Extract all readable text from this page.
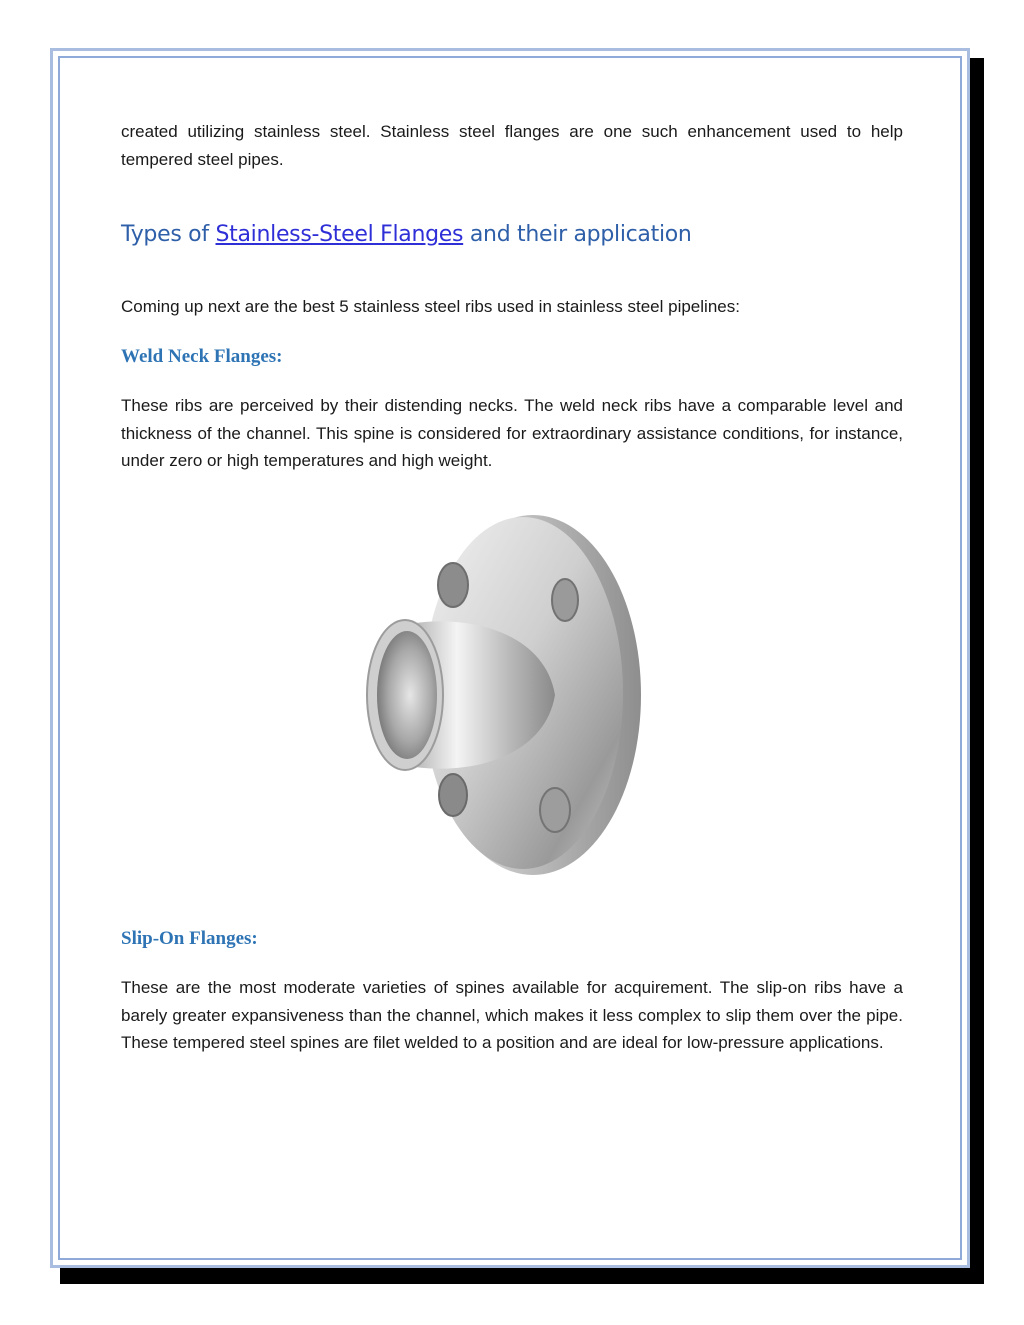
created utilizing stainless steel. Stainless steel flanges are one such enhancement used to help tempered steel pipes.

Types of Stainless-Steel Flanges and their application

Coming up next are the best 5 stainless steel ribs used in stainless steel pipelines:

Weld Neck Flanges:

These ribs are perceived by their distending necks. The weld neck ribs have a comparable level and thickness of the channel. This spine is considered for extraordinary assistance conditions, for instance, under zero or high temperatures and high weight.

Slip-On Flanges:

These are the most moderate varieties of spines available for acquirement. The slip-on ribs have a barely greater expansiveness than the channel, which makes it less complex to slip them over the pipe. These tempered steel spines are filet welded to a position and are ideal for low-pressure applications.
